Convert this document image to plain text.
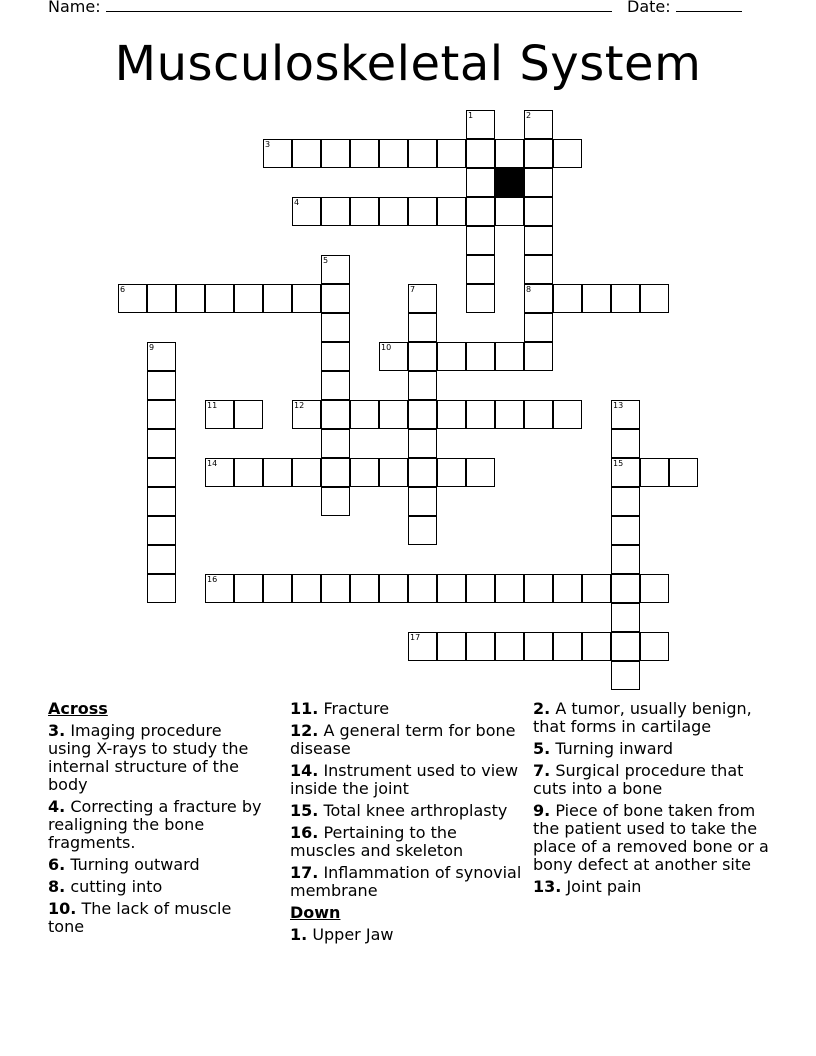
Name:	Date:
Musculoskeletal System
3
4
6	8
10
11	12
14	15
16
17
1	2
5
7
9
13
Across
3. Imaging procedure using X-rays to study the internal structure of the body
4. Correcting a fracture by realigning the bone fragments.
6. Turning outward
8. cutting into
10. The lack of muscle tone
11. Fracture
12. A general term for bone disease
14. Instrument used to view inside the joint
15. Total knee arthroplasty
16. Pertaining to the muscles and skeleton
17. Inflammation of synovial membrane
Down
1. Upper Jaw
2. A tumor, usually benign, that forms in cartilage
5. Turning inward
7. Surgical procedure that cuts into a bone
9. Piece of bone taken from the patient used to take the place of a removed bone or a bony defect at another site
13. Joint pain
